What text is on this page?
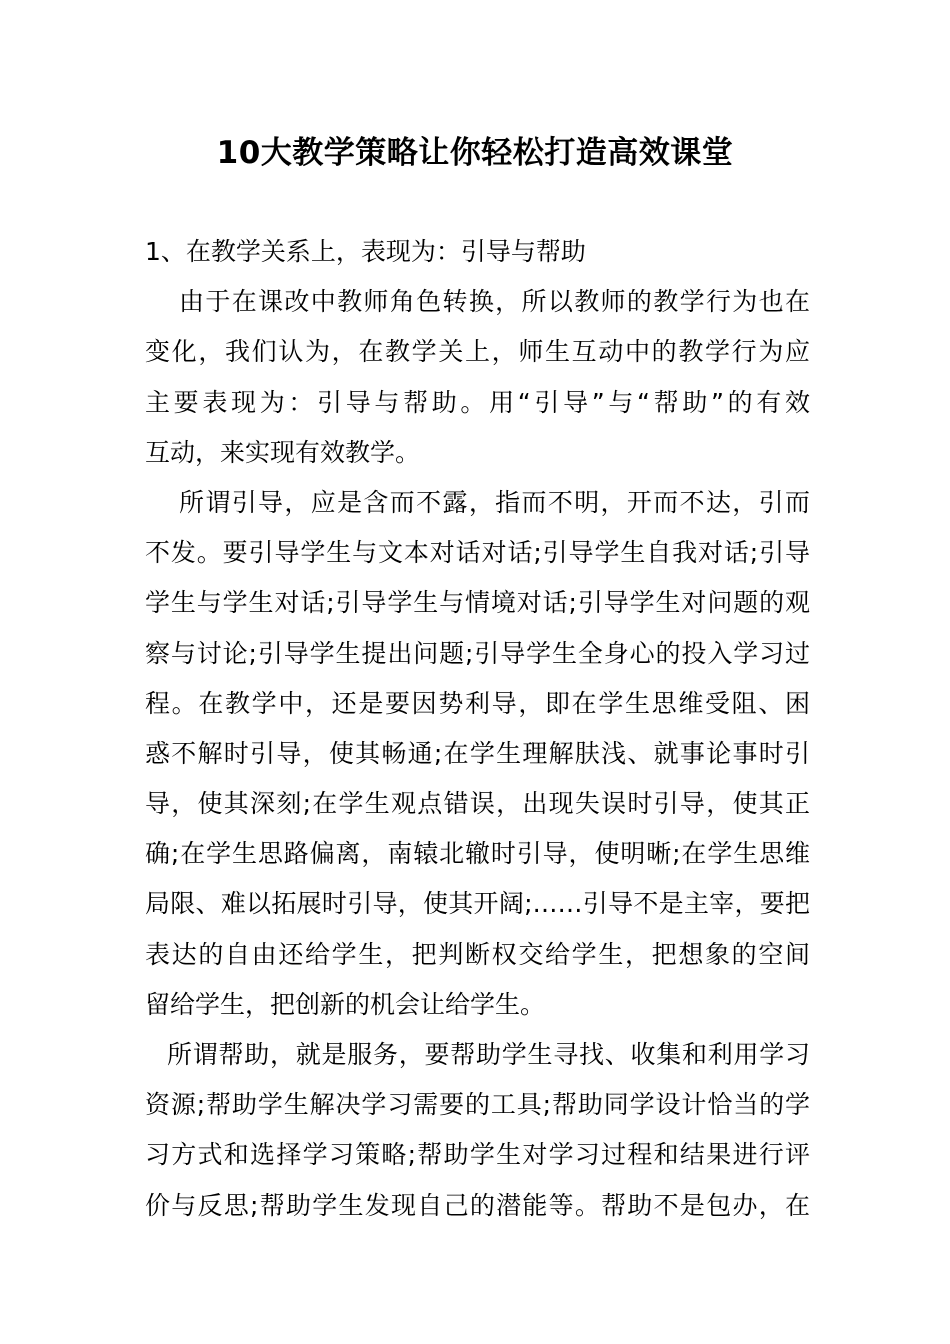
10大教学策略让你轻松打造高效课堂
1、在教学关系上，表现为：引导与帮助
由于在课改中教师角色转换，所以教师的教学行为也在
变化，我们认为，在教学关上，师生互动中的教学行为应
主要表现为：引导与帮助。用“引导”与“帮助”的有效
互动，来实现有效教学。
所谓引导，应是含而不露，指而不明，开而不达，引而
不发。要引导学生与文本对话对话;引导学生自我对话;引导
学生与学生对话;引导学生与情境对话;引导学生对问题的观
察与讨论;引导学生提出问题;引导学生全身心的投入学习过
程。在教学中，还是要因势利导，即在学生思维受阻、困
惑不解时引导，使其畅通;在学生理解肤浅、就事论事时引
导，使其深刻;在学生观点错误，出现失误时引导，使其正
确;在学生思路偏离，南辕北辙时引导，使明晰;在学生思维
局限、难以拓展时引导，使其开阔;……引导不是主宰，要把
表达的自由还给学生，把判断权交给学生，把想象的空间
留给学生，把创新的机会让给学生。
所谓帮助，就是服务，要帮助学生寻找、收集和利用学习
资源;帮助学生解决学习需要的工具;帮助同学设计恰当的学
习方式和选择学习策略;帮助学生对学习过程和结果进行评
价与反思;帮助学生发现自己的潜能等。帮助不是包办，在
